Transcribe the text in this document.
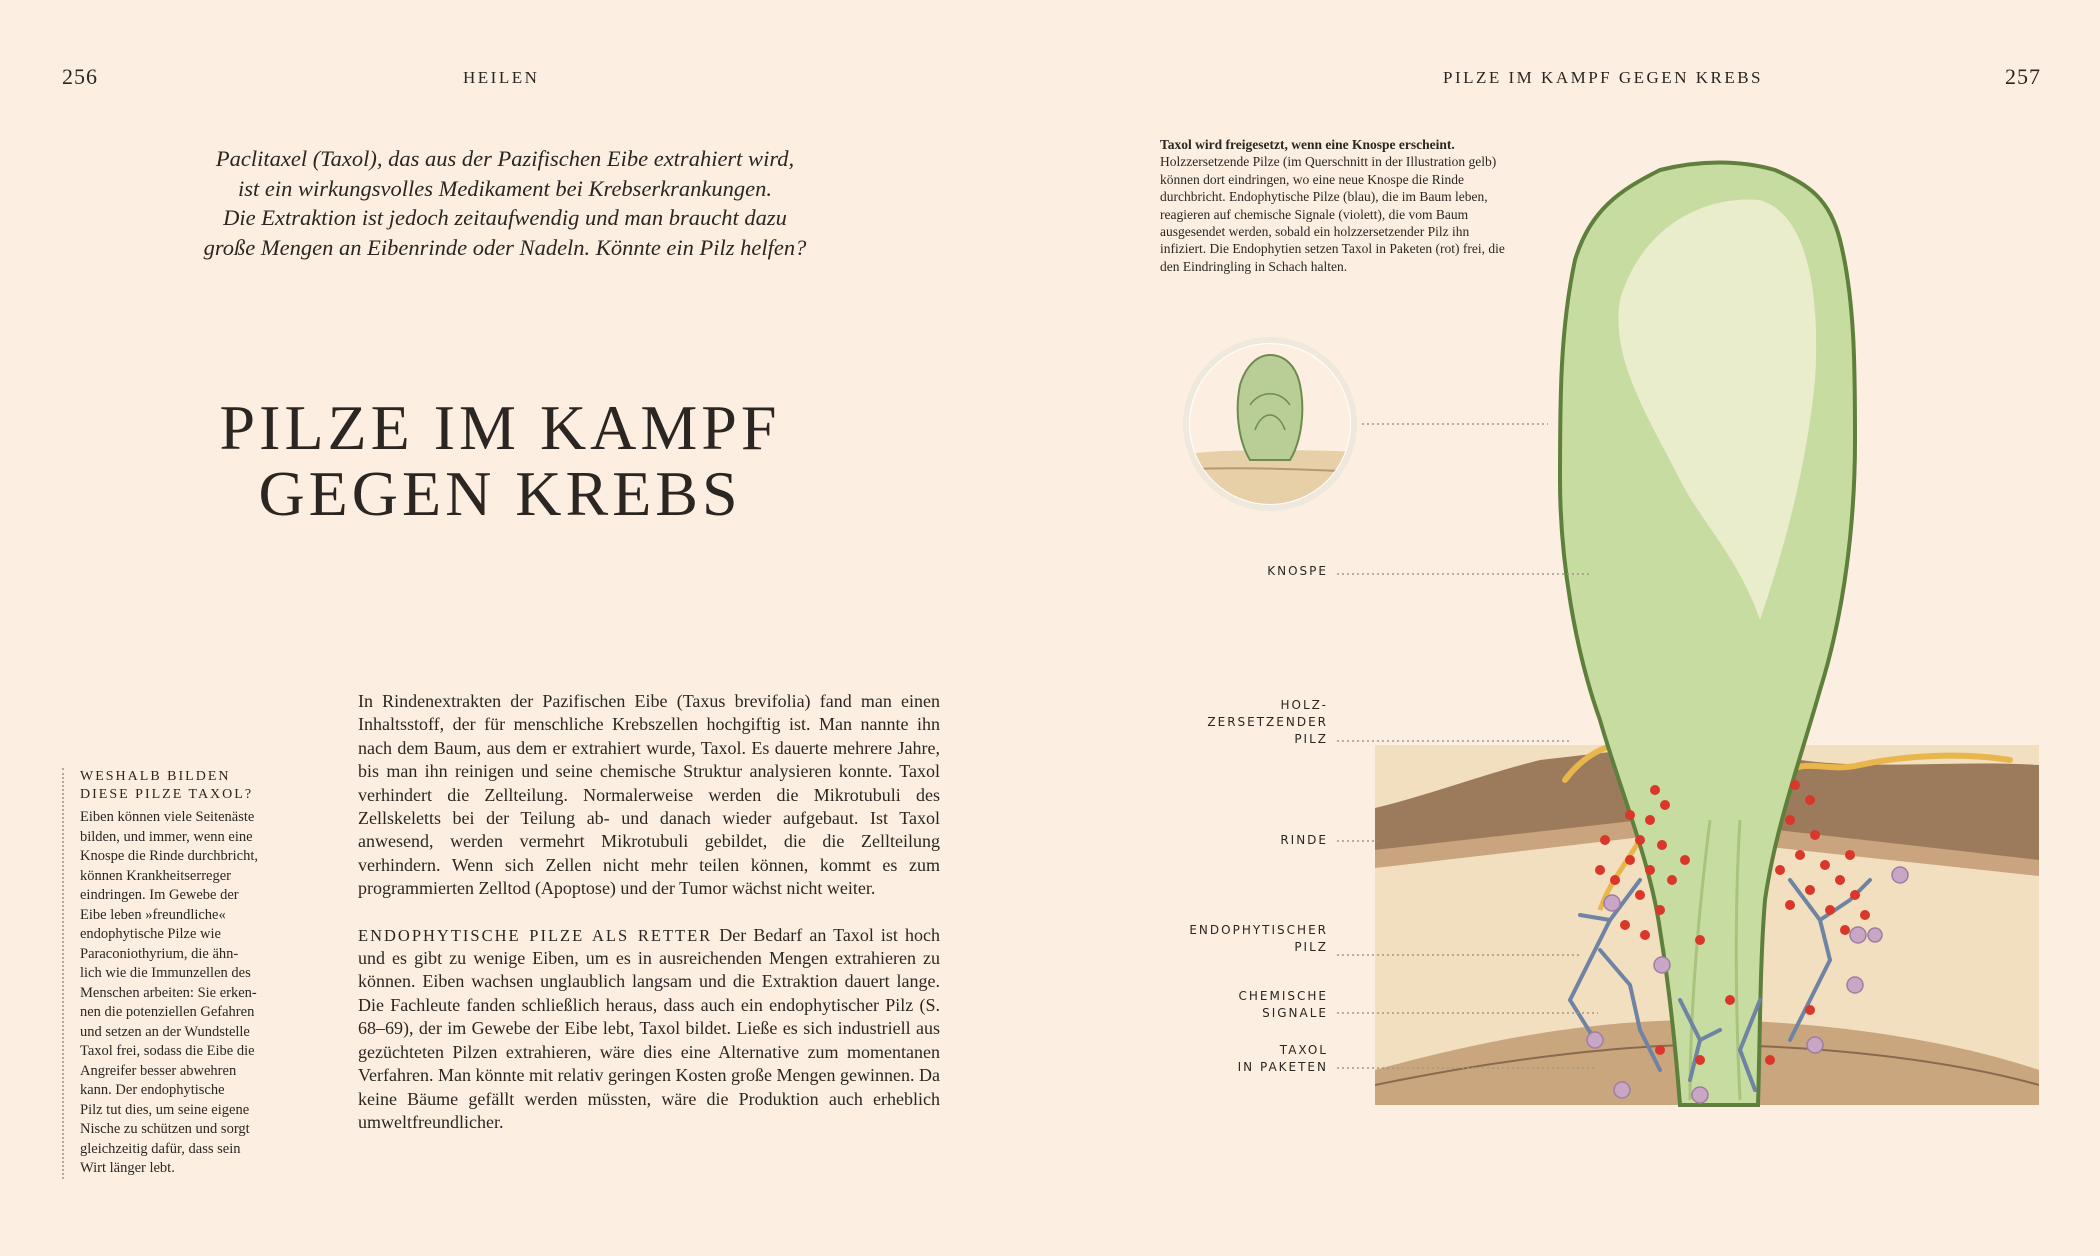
256	HEILEN
Paclitaxel (Taxol), das aus der Pazifischen Eibe extrahiert wird,
ist ein wirkungsvolles Medikament bei Krebserkrankungen.
Die Extraktion ist jedoch zeitaufwendig und man braucht dazu
große Mengen an Eibenrinde oder Nadeln. Könnte ein Pilz helfen?
PILZE IM KAMPF
GEGEN KREBS
WESHALB BILDEN
DIESE PILZE TAXOL?
Eiben können viele Seitenäste
bilden, und immer, wenn eine
Knospe die Rinde durchbricht,
können Krankheitserreger
eindringen. Im Gewebe der
Eibe leben »freundliche«
endophytische Pilze wie
Paraconiothyrium, die ähn-
lich wie die Immunzellen des
Menschen arbeiten: Sie erken-
nen die potenziellen Gefahren
und setzen an der Wundstelle
Taxol frei, sodass die Eibe die
Angreifer besser abwehren
kann. Der endophytische
Pilz tut dies, um seine eigene
Nische zu schützen und sorgt
gleichzeitig dafür, dass sein
Wirt länger lebt.

In Rindenextrakten der Pazifischen Eibe (Taxus brevifolia) fand man einen Inhaltsstoff, der für menschliche Krebszellen hochgiftig ist. Man nannte ihn nach dem Baum, aus dem er extrahiert wurde, Taxol. Es dauerte mehrere Jahre, bis man ihn reinigen und seine chemische Struktur analysieren konnte. Taxol verhindert die Zellteilung. Normalerweise werden die Mikrotubuli des Zellskeletts bei der Teilung ab- und danach wieder aufgebaut. Ist Taxol anwesend, werden vermehrt Mikrotubuli gebildet, die die Zellteilung verhindern. Wenn sich Zellen nicht mehr teilen können, kommt es zum programmierten Zelltod (Apoptose) und der Tumor wächst nicht weiter.

ENDOPHYTISCHE PILZE ALS RETTER Der Bedarf an Taxol ist hoch und es gibt zu wenige Eiben, um es in ausreichenden Mengen extrahieren zu können. Eiben wachsen unglaublich langsam und die Extraktion dauert lange. Die Fachleute fanden schließlich heraus, dass auch ein endophytischer Pilz (S. 68–69), der im Gewebe der Eibe lebt, Taxol bildet. Ließe es sich industriell aus gezüchteten Pilzen extrahieren, wäre dies eine Alternative zum momentanen Verfahren. Man könnte mit relativ geringen Kosten große Mengen gewinnen. Da keine Bäume gefällt werden müssten, wäre die Produktion auch erheblich umweltfreundlicher.

PILZE IM KAMPF GEGEN KREBS	257
Taxol wird freigesetzt, wenn eine Knospe erscheint.
Holzzersetzende Pilze (im Querschnitt in der Illustration gelb) können dort eindringen, wo eine neue Knospe die Rinde durchbricht. Endophytische Pilze (blau), die im Baum leben, reagieren auf chemische Signale (violett), die vom Baum ausgesendet werden, sobald ein holzzersetzender Pilz ihn infiziert. Die Endophytien setzen Taxol in Paketen (rot) frei, die den Eindringling in Schach halten.
KNOSPE
HOLZ-
ZERSETZENDER
PILZ
RINDE
ENDOPHYTISCHER
PILZ
CHEMISCHE
SIGNALE
TAXOL
IN PAKETEN
